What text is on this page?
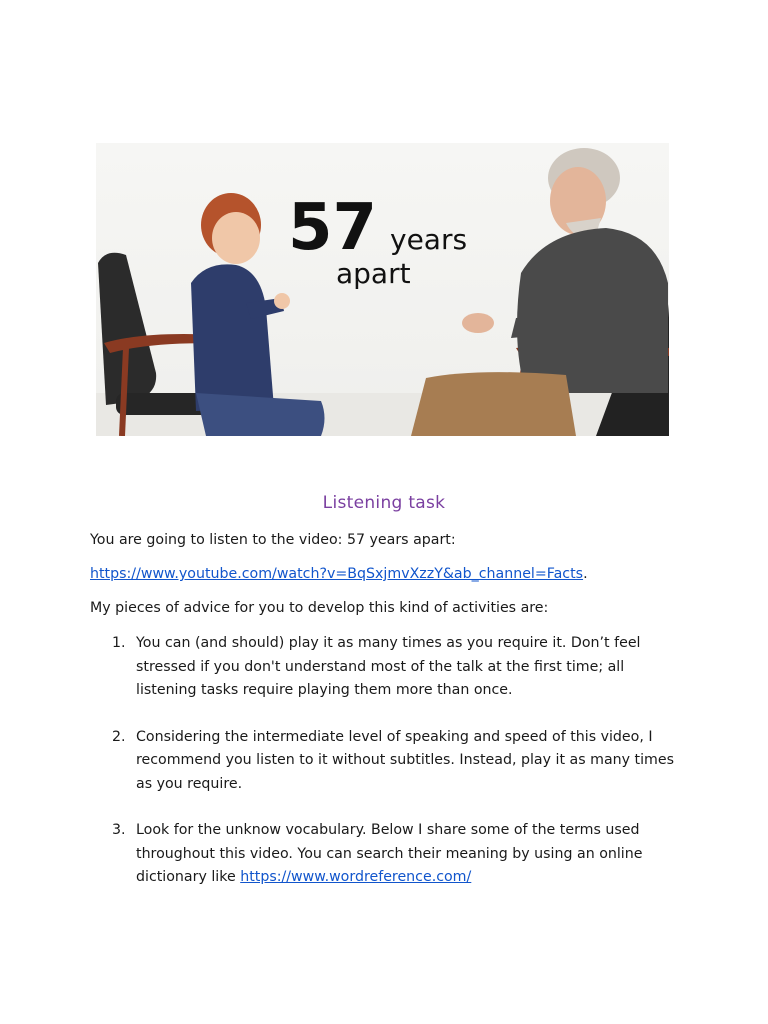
57 years
apart
Listening task
You are going to listen to the video: 57 years apart:
https://www.youtube.com/watch?v=BqSxjmvXzzY&ab_channel=Facts.
My pieces of advice for you to develop this kind of activities are:
1. You can (and should) play it as many times as you require it. Don’t feel stressed if you don't understand most of the talk at the first time; all listening tasks require playing them more than once.
2. Considering the intermediate level of speaking and speed of this video, I recommend you listen to it without subtitles. Instead, play it as many times as you require.
3. Look for the unknow vocabulary. Below I share some of the terms used throughout this video. You can search their meaning by using an online dictionary like https://www.wordreference.com/
